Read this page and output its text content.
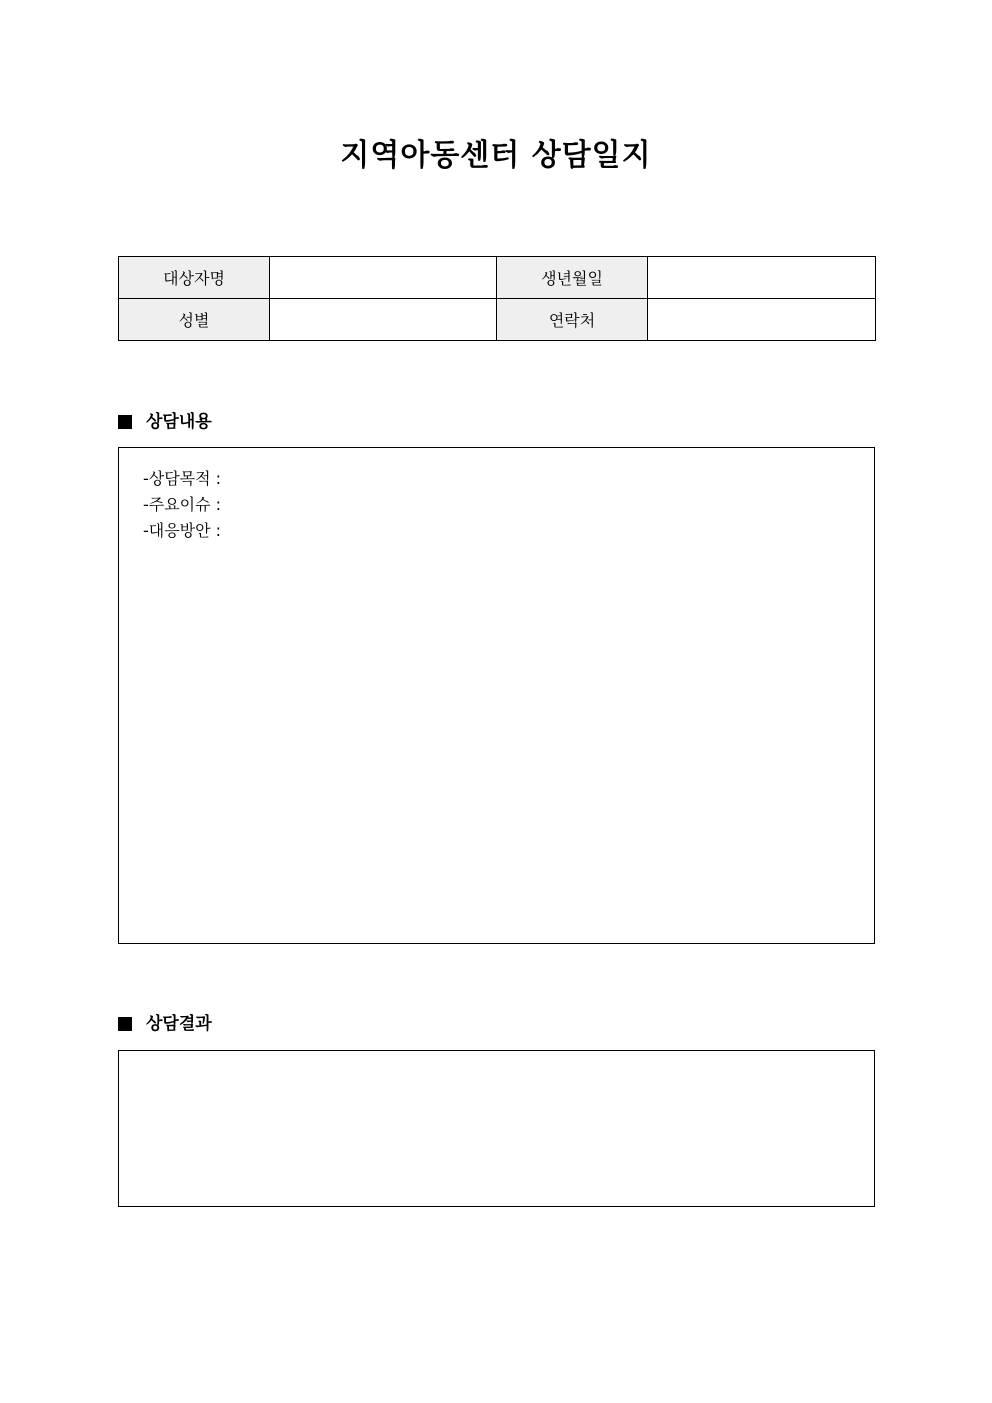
지역아동센터 상담일지
대상자명		생년월일	
성별		연락처	
상담내용
-상담목적 :
-주요이슈 :
-대응방안 :
상담결과
